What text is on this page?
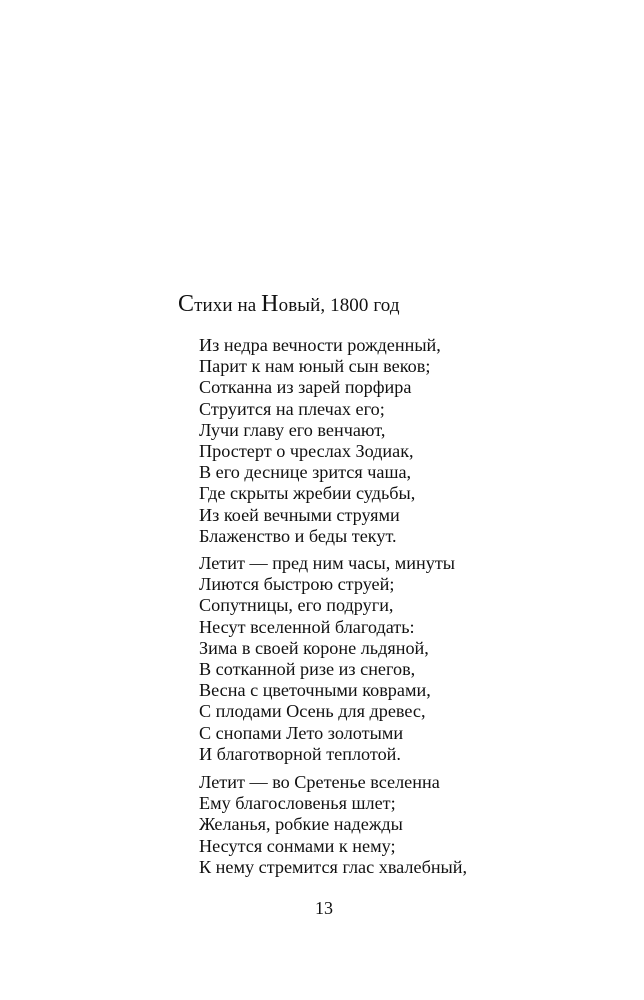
Стихи на Новый, 1800 год
Из недра вечности рожденный,
Парит к нам юный сын веков;
Сотканна из зарей порфира
Струится на плечах его;
Лучи главу его венчают,
Простерт о чреслах Зодиак,
В его деснице зрится чаша,
Где скрыты жребии судьбы,
Из коей вечными струями
Блаженство и беды текут.
Летит — пред ним часы, минуты
Лиются быстрою струей;
Сопутницы, его подруги,
Несут вселенной благодать:
Зима в своей короне льдяной,
В сотканной ризе из снегов,
Весна с цветочными коврами,
С плодами Осень для древес,
С снопами Лето золотыми
И благотворной теплотой.
Летит — во Сретенье вселенна
Ему благословенья шлет;
Желанья, робкие надежды
Несутся сонмами к нему;
К нему стремится глас хвалебный,
13
